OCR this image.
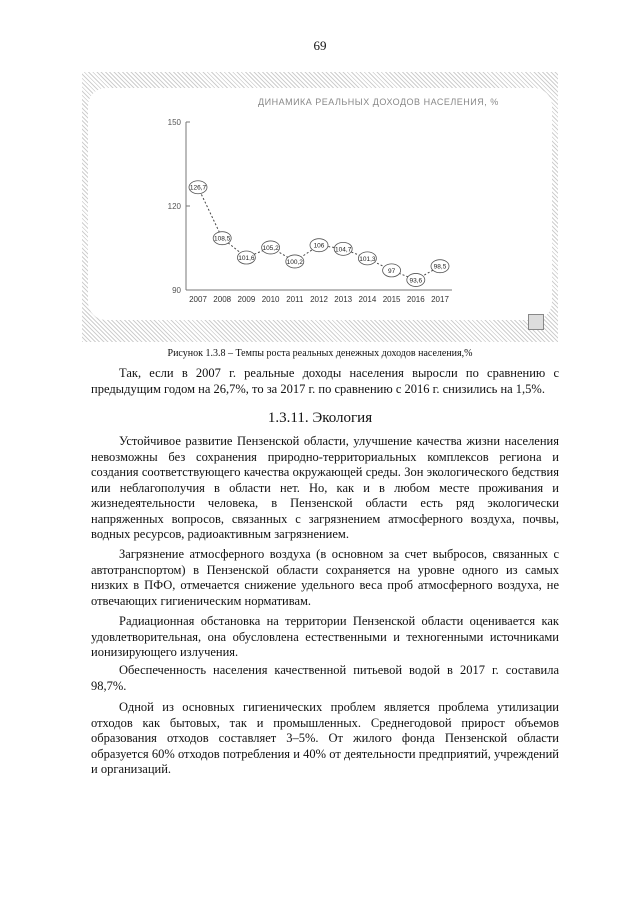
69
ДИНАМИКА РЕАЛЬНЫХ ДОХОДОВ НАСЕЛЕНИЯ, %
90
120
150
126,7
108,5
101,6
105,2
100,2
106
104,7
101,3
97
93,6
98,5
2007 2008 2009 2010 2011 2012 2013 2014 2015 2016 2017
Рисунок 1.3.8 – Темпы роста реальных денежных доходов населения,%

Так, если в 2007 г. реальные доходы населения выросли по сравнению с предыдущим годом на 26,7%, то за 2017 г. по сравнению с 2016 г. снизились на 1,5%.

1.3.11. Экология

Устойчивое развитие Пензенской области, улучшение качества жизни населения невозможны без сохранения природно-территориальных комплексов региона и создания соответствующего качества окружающей среды. Зон экологического бедствия или неблагополучия в области нет. Но, как и в любом месте проживания и жизнедеятельности человека, в Пензенской области есть ряд экологически напряженных вопросов, связанных с загрязнением атмосферного воздуха, почвы, водных ресурсов, радиоактивным загрязнением.

Загрязнение атмосферного воздуха (в основном за счет выбросов, связанных с автотранспортом) в Пензенской области сохраняется на уровне одного из самых низких в ПФО, отмечается снижение удельного веса проб атмосферного воздуха, не отвечающих гигиеническим нормативам.

Радиационная обстановка на территории Пензенской области оценивается как удовлетворительная, она обусловлена естественными и техногенными источниками ионизирующего излучения.

Обеспеченность населения качественной питьевой водой в 2017 г. составила 98,7%.

Одной из основных гигиенических проблем является проблема утилизации отходов как бытовых, так и промышленных. Среднегодовой прирост объемов образования отходов составляет 3–5%. От жилого фонда Пензенской области образуется 60% отходов потребления и 40% от деятельности предприятий, учреждений и организаций.
